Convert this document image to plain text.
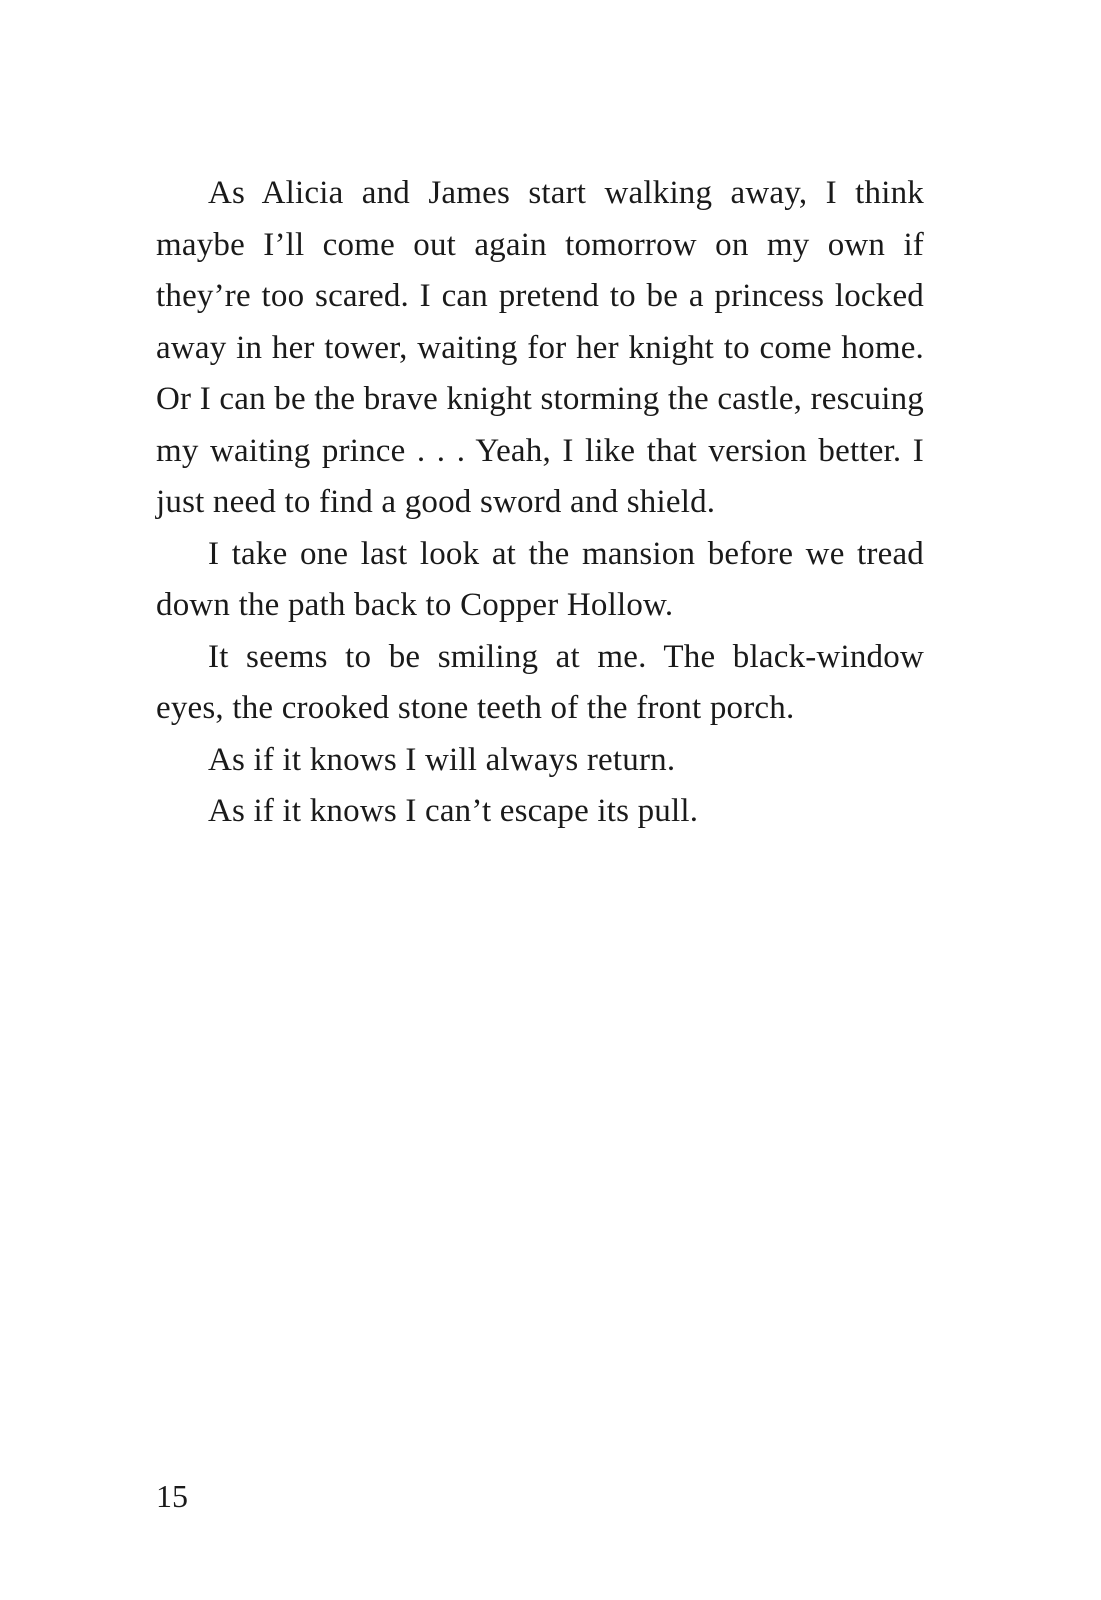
As Alicia and James start walking away, I think maybe I’ll come out again tomorrow on my own if they’re too scared. I can pretend to be a princess locked away in her tower, waiting for her knight to come home. Or I can be the brave knight storming the castle, rescuing my waiting prince . . . Yeah, I like that version better. I just need to find a good sword and shield.

I take one last look at the mansion before we tread down the path back to Copper Hollow.

It seems to be smiling at me. The black-window eyes, the crooked stone teeth of the front porch.

As if it knows I will always return.

As if it knows I can’t escape its pull.

15
